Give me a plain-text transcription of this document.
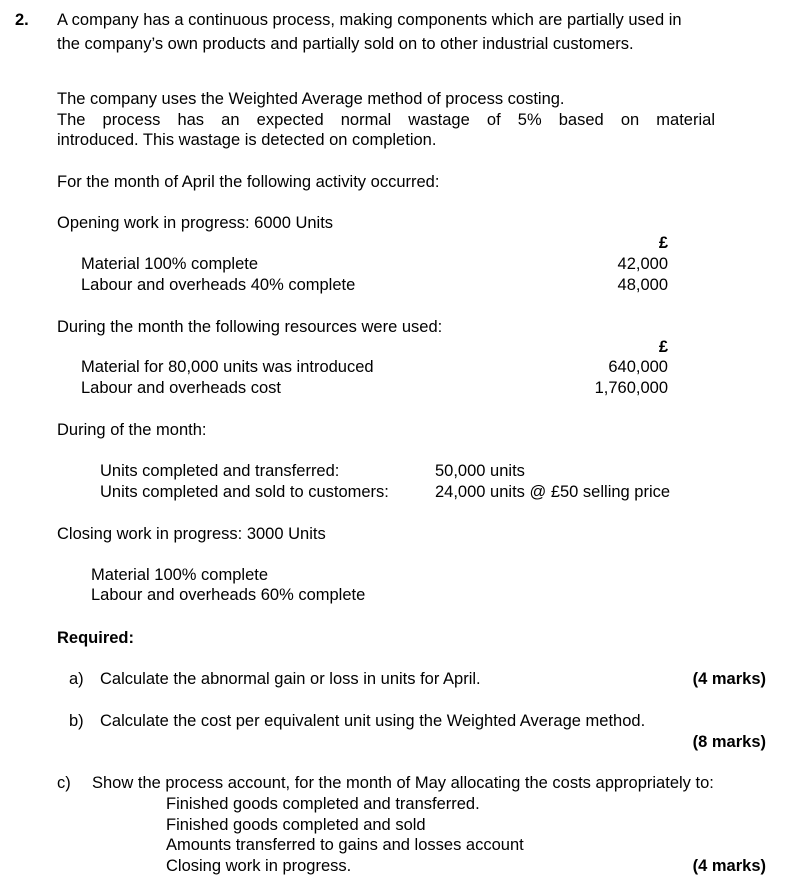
2. A company has a continuous process, making components which are partially used in
the company’s own products and partially sold on to other industrial customers.
The company uses the Weighted Average method of process costing.
The process has an expected normal wastage of 5% based on material
introduced. This wastage is detected on completion.
For the month of April the following activity occurred:
Opening work in progress: 6000 Units
£
Material 100% complete	42,000
Labour and overheads 40% complete	48,000
During the month the following resources were used:
£
Material for 80,000 units was introduced	640,000
Labour and overheads cost	1,760,000
During of the month:
Units completed and transferred:	50,000 units
Units completed and sold to customers:	24,000 units @ £50 selling price
Closing work in progress: 3000 Units
Material 100% complete
Labour and overheads 60% complete
Required:
a) Calculate the abnormal gain or loss in units for April.	(4 marks)
b) Calculate the cost per equivalent unit using the Weighted Average method.
(8 marks)
c) Show the process account, for the month of May allocating the costs appropriately to:
Finished goods completed and transferred.
Finished goods completed and sold
Amounts transferred to gains and losses account
Closing work in progress.	(4 marks)
